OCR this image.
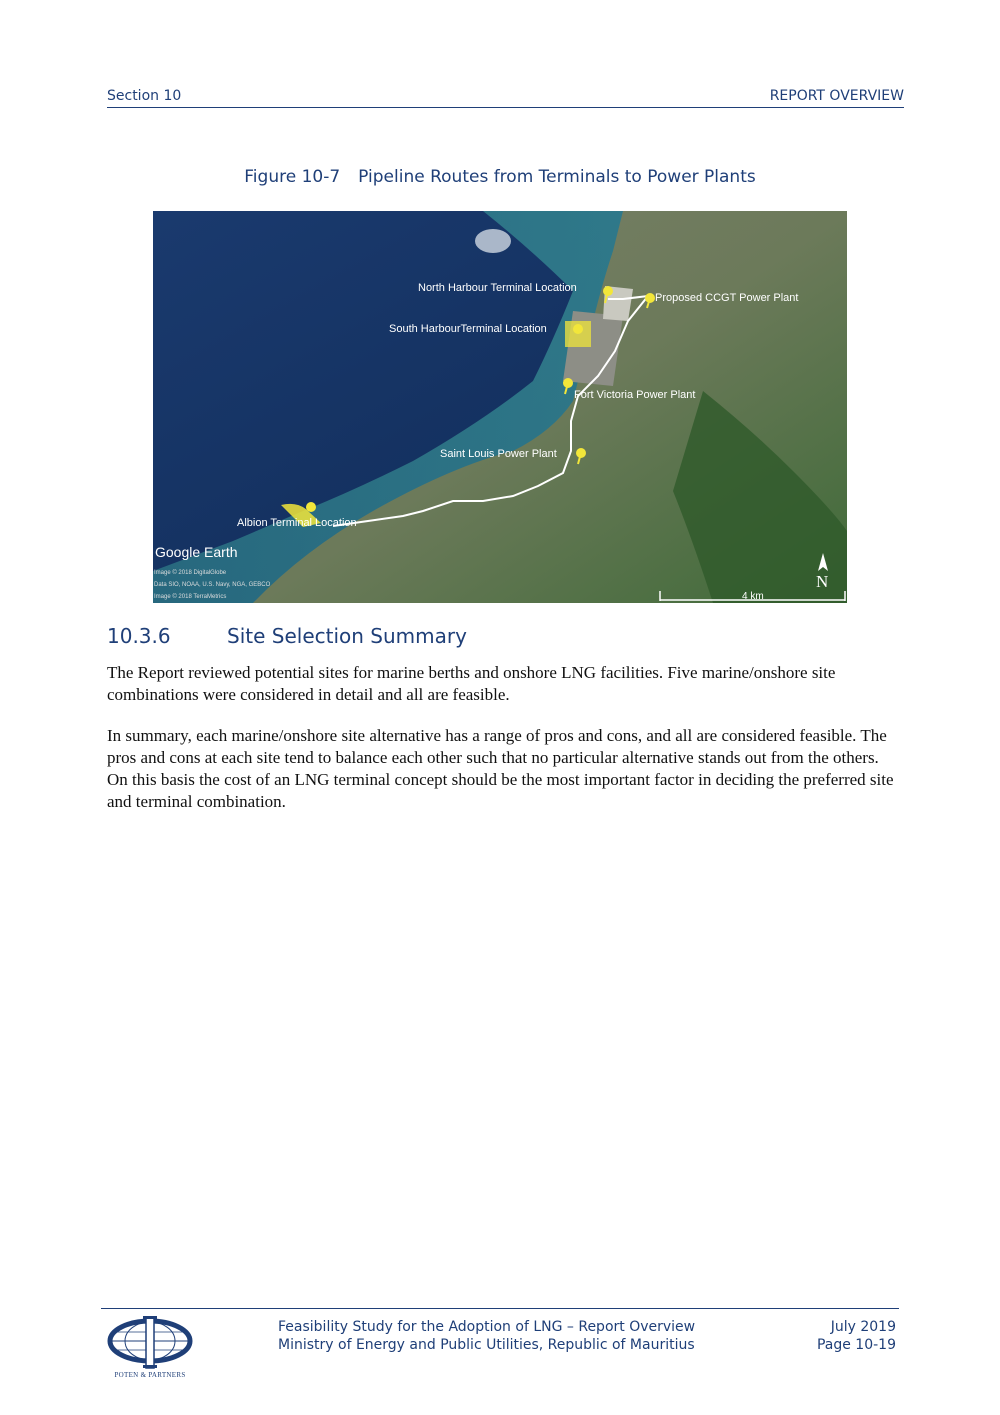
Section 10	REPORT OVERVIEW
Figure 10-7 Pipeline Routes from Terminals to Power Plants
North Harbour Terminal Location
South HarbourTerminal Location
Proposed CCGT Power Plant
Fort Victoria Power Plant
Saint Louis Power Plant
Albion Terminal Location
Google Earth
Image © 2018 DigitalGlobe
Data SIO, NOAA, U.S. Navy, NGA, GEBCO
Image © 2018 TerraMetrics
N
4 km
10.3.6	Site Selection Summary
The Report reviewed potential sites for marine berths and onshore LNG facilities. Five marine/onshore site combinations were considered in detail and all are feasible.
In summary, each marine/onshore site alternative has a range of pros and cons, and all are considered feasible. The pros and cons at each site tend to balance each other such that no particular alternative stands out from the others. On this basis the cost of an LNG terminal concept should be the most important factor in deciding the preferred site and terminal combination.
POTEN & PARTNERS
Feasibility Study for the Adoption of LNG – Report Overview
Ministry of Energy and Public Utilities, Republic of Mauritius
July 2019
Page 10-19
